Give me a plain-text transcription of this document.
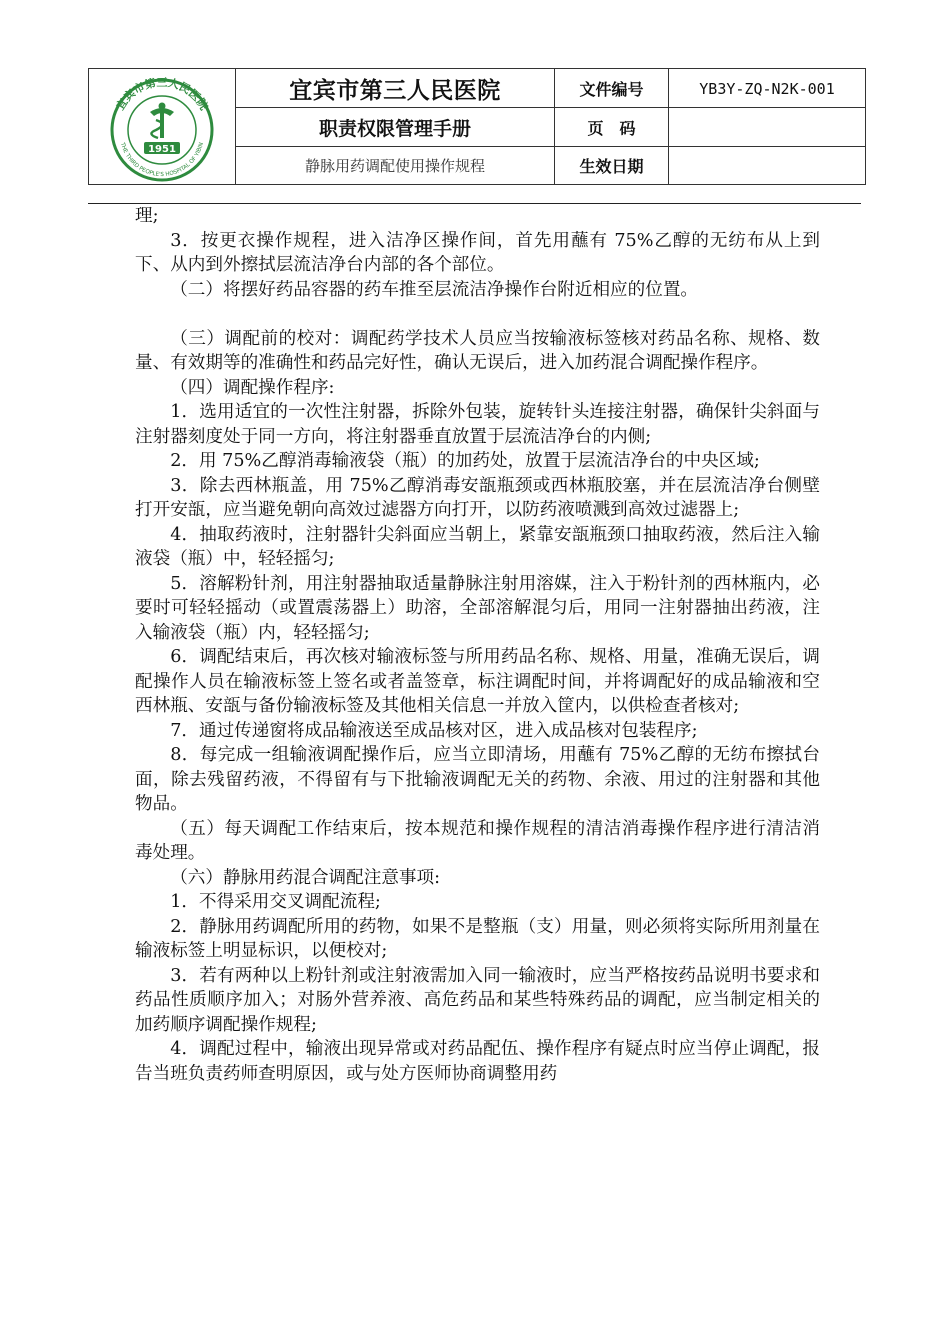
宜宾市第三人民医院
THE THIRD PEOPLE'S HOSPITAL OF YIBIN
1951	宜宾市第三人民医院	文件编号	YB3Y-ZQ-N2K-001
	职责权限管理手册	页　码	
	静脉用药调配使用操作规程	生效日期	

理;

3．按更衣操作规程，进入洁净区操作间，首先用蘸有 75%乙醇的无纺布从上到下、从内到外擦拭层流洁净台内部的各个部位。

（二）将摆好药品容器的药车推至层流洁净操作台附近相应的位置。

（三）调配前的校对：调配药学技术人员应当按输液标签核对药品名称、规格、数量、有效期等的准确性和药品完好性，确认无误后，进入加药混合调配操作程序。

（四）调配操作程序:

1．选用适宜的一次性注射器，拆除外包装，旋转针头连接注射器，确保针尖斜面与注射器刻度处于同一方向，将注射器垂直放置于层流洁净台的内侧;

2．用 75%乙醇消毒输液袋（瓶）的加药处，放置于层流洁净台的中央区域;

3．除去西林瓶盖，用 75%乙醇消毒安瓿瓶颈或西林瓶胶塞，并在层流洁净台侧壁打开安瓿，应当避免朝向高效过滤器方向打开，以防药液喷溅到高效过滤器上;

4．抽取药液时，注射器针尖斜面应当朝上，紧靠安瓿瓶颈口抽取药液，然后注入输液袋（瓶）中，轻轻摇匀;

5．溶解粉针剂，用注射器抽取适量静脉注射用溶媒，注入于粉针剂的西林瓶内，必要时可轻轻摇动（或置震荡器上）助溶，全部溶解混匀后，用同一注射器抽出药液，注入输液袋（瓶）内，轻轻摇匀;

6．调配结束后，再次核对输液标签与所用药品名称、规格、用量，准确无误后，调配操作人员在输液标签上签名或者盖签章，标注调配时间，并将调配好的成品输液和空西林瓶、安瓿与备份输液标签及其他相关信息一并放入筐内，以供检查者核对;

7．通过传递窗将成品输液送至成品核对区，进入成品核对包装程序;

8．每完成一组输液调配操作后，应当立即清场，用蘸有 75%乙醇的无纺布擦拭台面，除去残留药液，不得留有与下批输液调配无关的药物、余液、用过的注射器和其他物品。

（五）每天调配工作结束后，按本规范和操作规程的清洁消毒操作程序进行清洁消毒处理。

（六）静脉用药混合调配注意事项:

1．不得采用交叉调配流程;

2．静脉用药调配所用的药物，如果不是整瓶（支）用量，则必须将实际所用剂量在输液标签上明显标识，以便校对;

3．若有两种以上粉针剂或注射液需加入同一输液时，应当严格按药品说明书要求和药品性质顺序加入；对肠外营养液、高危药品和某些特殊药品的调配，应当制定相关的加药顺序调配操作规程;

4．调配过程中，输液出现异常或对药品配伍、操作程序有疑点时应当停止调配，报告当班负责药师查明原因，或与处方医师协商调整用药
